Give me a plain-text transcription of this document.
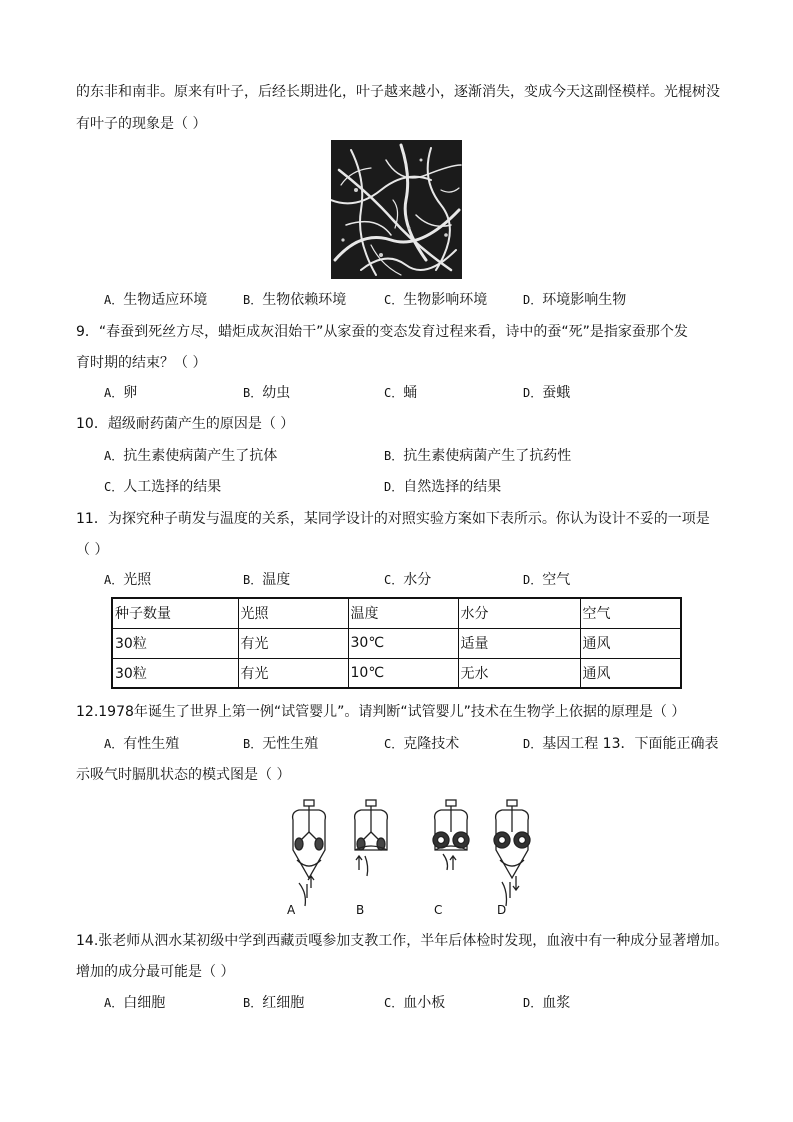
的东非和南非。原来有叶子，后经长期进化，叶子越来越小，逐渐消失，变成今天这副怪模样。光棍树没
有叶子的现象是（ ）
A．生物适应环境	B．生物依赖环境	C．生物影响环境	D．环境影响生物
9．“春蚕到死丝方尽，蜡炬成灰泪始干”从家蚕的变态发育过程来看，诗中的蚕“死”是指家蚕那个发
育时期的结束？（ ）
A．卵	B．幼虫	C．蛹	D．蚕蛾
10．超级耐药菌产生的原因是（ ）
A．抗生素使病菌产生了抗体	B．抗生素使病菌产生了抗药性
C．人工选择的结果	D．自然选择的结果
11．为探究种子萌发与温度的关系，某同学设计的对照实验方案如下表所示。你认为设计不妥的一项是
（ ）
A．光照	B．温度	C．水分	D．空气
种子数量	光照	温度	水分	空气
30粒	有光	30℃	适量	通风
30粒	有光	10℃	无水	通风
12.1978年诞生了世界上第一例“试管婴儿”。请判断“试管婴儿”技术在生物学上依据的原理是（ ）
A．有性生殖	B．无性生殖	C．克隆技术	D．基因工程 13．下面能正确表
示吸气时膈肌状态的模式图是（ ）
A	B	C	D
14.张老师从泗水某初级中学到西藏贡嘎参加支教工作，半年后体检时发现，血液中有一种成分显著增加。
增加的成分最可能是（ ）
A．白细胞	B．红细胞	C．血小板	D．血浆
